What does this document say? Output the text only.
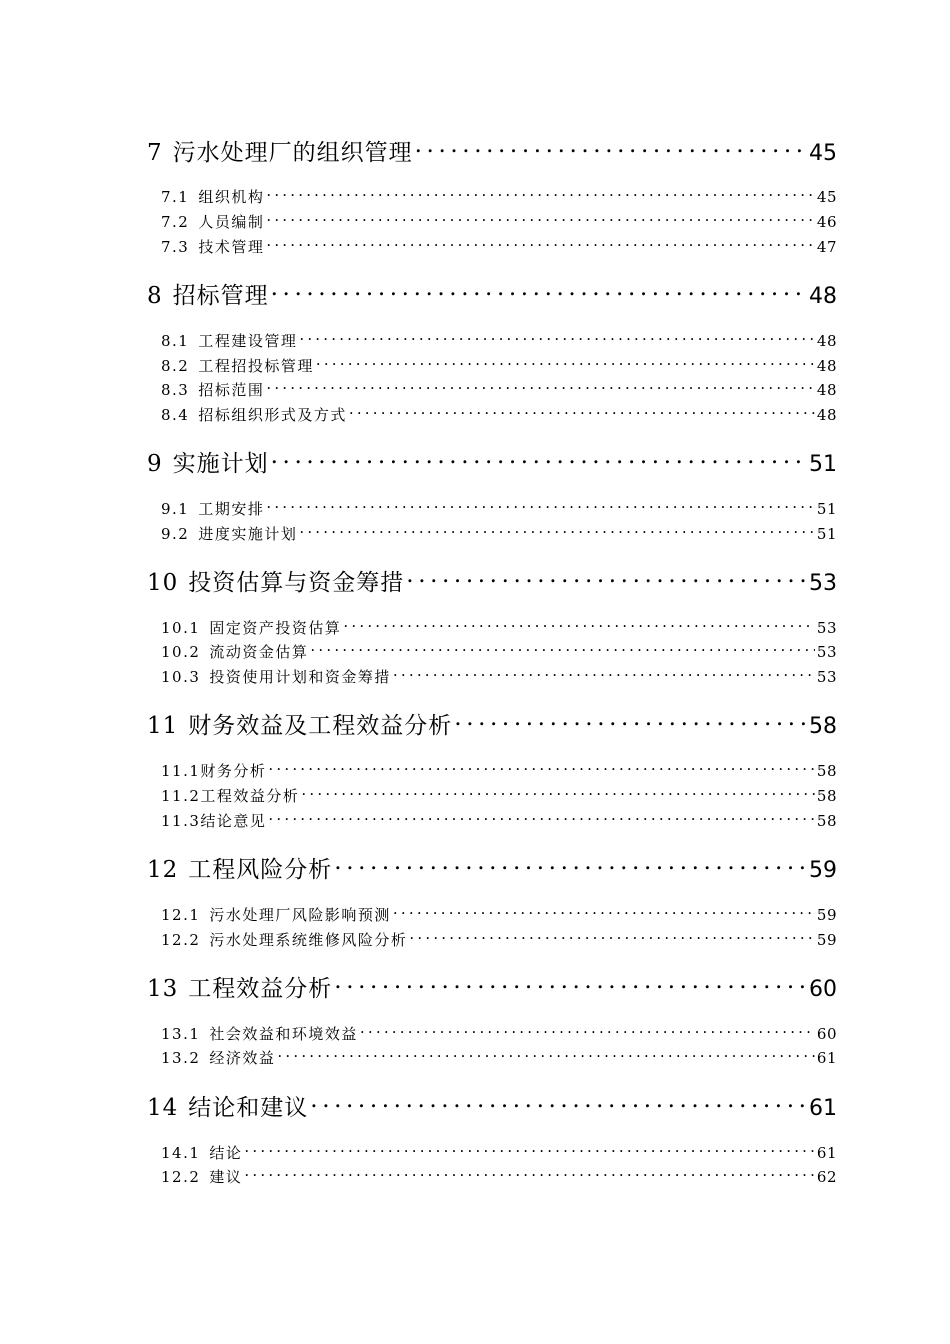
7 污水处理厂的组织管理 .....	45
7.1 组织机构 .....	45
7.2 人员编制 .....	46
7.3 技术管理 .....	47
8 招标管理 .....	48
8.1 工程建设管理 .....	48
8.2 工程招投标管理 .....	48
8.3 招标范围 .....	48
8.4 招标组织形式及方式 .....	48
9 实施计划 .....	51
9.1 工期安排 .....	51
9.2 进度实施计划 .....	51
10 投资估算与资金筹措 .....	53
10.1 固定资产投资估算 .....	53
10.2 流动资金估算 .....	53
10.3 投资使用计划和资金筹措 .....	53
11 财务效益及工程效益分析 .....	58
11.1 财务分析 .....	58
11.2 工程效益分析 .....	58
11.3 结论意见 .....	58
12 工程风险分析 .....	59
12.1 污水处理厂风险影响预测 .....	59
12.2 污水处理系统维修风险分析 .....	59
13 工程效益分析 .....	60
13.1 社会效益和环境效益 .....	60
13.2 经济效益 .....	61
14 结论和建议 .....	61
14.1 结论 .....	61
12.2 建议 .....	62
